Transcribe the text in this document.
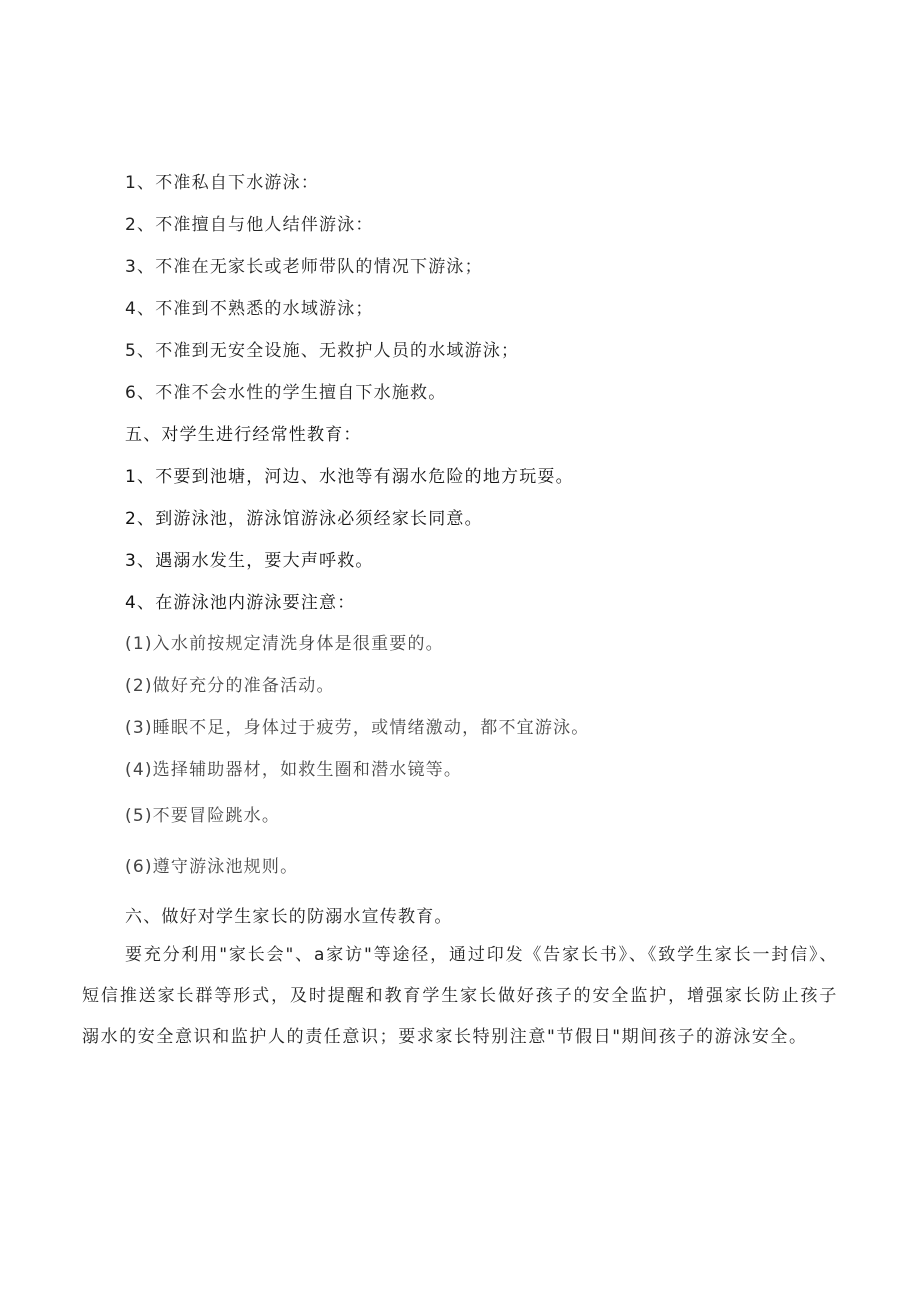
1、不准私自下水游泳：
2、不准擅自与他人结伴游泳：
3、不准在无家长或老师带队的情况下游泳；
4、不准到不熟悉的水域游泳；
5、不准到无安全设施、无救护人员的水域游泳；
6、不准不会水性的学生擅自下水施救。
五、对学生进行经常性教育：
1、不要到池塘，河边、水池等有溺水危险的地方玩耍。
2、到游泳池，游泳馆游泳必须经家长同意。
3、遇溺水发生，要大声呼救。
4、在游泳池内游泳要注意：
(1)入水前按规定清洗身体是很重要的。
(2)做好充分的准备活动。
(3)睡眠不足，身体过于疲劳，或情绪激动，都不宜游泳。
(4)选择辅助器材，如救生圈和潜水镜等。
(5)不要冒险跳水。
(6)遵守游泳池规则。
六、做好对学生家长的防溺水宣传教育。

要充分利用"家长会"、a家访"等途径，通过印发《告家长书》、《致学生家长一封信》、短信推送家长群等形式，及时提醒和教育学生家长做好孩子的安全监护，增强家长防止孩子溺水的安全意识和监护人的责任意识；要求家长特别注意"节假日"期间孩子的游泳安全。
